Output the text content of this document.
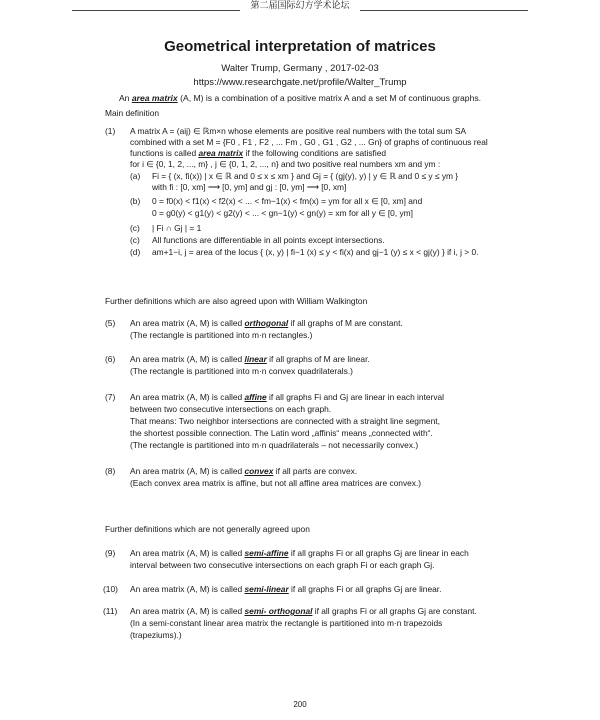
第二届国际幻方学术论坛
Geometrical interpretation of matrices
Walter Trump, Germany , 2017-02-03
https://www.researchgate.net/profile/Walter_Trump
An area matrix (A, M) is a combination of a positive matrix A and a set M of continuous graphs.
Main definition
(1) A matrix A = (aij) ∈ ℝm×n whose elements are positive real numbers with the total sum SA
combined with a set M = {F0 , F1 , F2 , ... Fm , G0 , G1 , G2 , ... Gn} of graphs of continuous real
functions is called area matrix if the following conditions are satisfied
for i ∈ {0, 1, 2, ..., m} , j ∈ {0, 1, 2, ..., n} and two positive real numbers xm and ym :
(a) Fi = { (x, fi(x)) | x ∈ ℝ and 0 ≤ x ≤ xm } and Gj = { (gj(y), y) | y ∈ ℝ and 0 ≤ y ≤ ym }
with fi : [0, xm] ⟶ [0, ym] and gj : [0, ym] ⟶ [0, xm]
(b) 0 = f0(x) < f1(x) < f2(x) < ... < fm−1(x) < fm(x) = ym for all x ∈ [0, xm] and
0 = g0(y) < g1(y) < g2(y) < ... < gn−1(y) < gn(y) = xm for all y ∈ [0, ym]
(c) | Fi ∩ Gj | = 1
(c) All functions are differentiable in all points except intersections.
(d) am+1−i, j = area of the locus { (x, y) | fi−1 (x) ≤ y < fi(x) and gj−1 (y) ≤ x < gj(y) } if i, j > 0.
Further definitions which are also agreed upon with William Walkington
(5) An area matrix (A, M) is called orthogonal if all graphs of M are constant.
(The rectangle is partitioned into m·n rectangles.)
(6) An area matrix (A, M) is called linear if all graphs of M are linear.
(The rectangle is partitioned into m·n convex quadrilaterals.)
(7) An area matrix (A, M) is called affine if all graphs Fi and Gj are linear in each interval
between two consecutive intersections on each graph.
That means: Two neighbor intersections are connected with a straight line segment,
the shortest possible connection. The Latin word „affinis“ means „connected with“.
(The rectangle is partitioned into m·n quadrilaterals – not necessarily convex.)
(8) An area matrix (A, M) is called convex if all parts are convex.
(Each convex area matrix is affine, but not all affine area matrices are convex.)
Further definitions which are not generally agreed upon
(9) An area matrix (A, M) is called semi-affine if all graphs Fi or all graphs Gj are linear in each
interval between two consecutive intersections on each graph Fi or each graph Gj.
(10) An area matrix (A, M) is called semi-linear if all graphs Fi or all graphs Gj are linear.
(11) An area matrix (A, M) is called semi- orthogonal if all graphs Fi or all graphs Gj are constant.
(In a semi-constant linear area matrix the rectangle is partitioned into m·n trapezoids
(trapeziums).)
200
